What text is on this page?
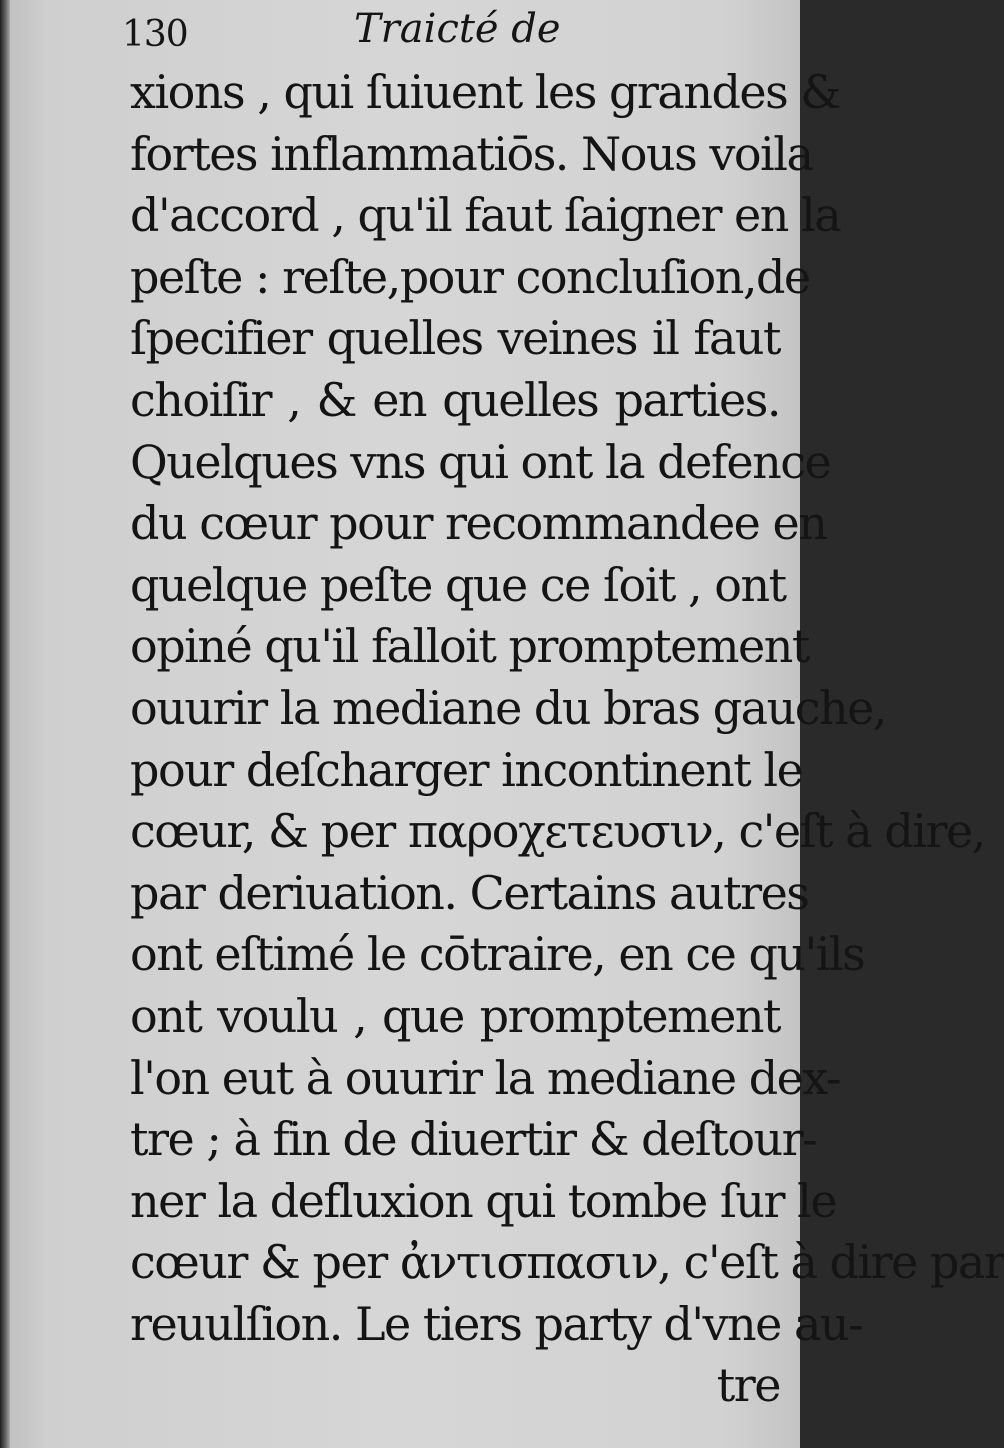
130	Traicté de
xions , qui ſuiuent les grandes &
fortes inflammatiōs. Nous voila
d'accord , qu'il faut ſaigner en la
peſte : reſte,pour concluſion,de
ſpecifier quelles veines il faut
choiſir , & en quelles parties.
Quelques vns qui ont la defence
du cœur pour recommandee en
quelque peſte que ce ſoit , ont
opiné qu'il falloit promptement
ouurir la mediane du bras gauche,
pour deſcharger incontinent le
cœur, & per παροχετευσιν, c'eſt à dire,
par deriuation. Certains autres
ont eſtimé le cōtraire, en ce qu'ils
ont voulu , que promptement
l'on eut à ouurir la mediane dex-
tre ; à fin de diuertir & deſtour-
ner la defluxion qui tombe ſur le
cœur & per ἀντισπασιν, c'eſt à dire par
reuulſion. Le tiers party d'vne au-
tre
